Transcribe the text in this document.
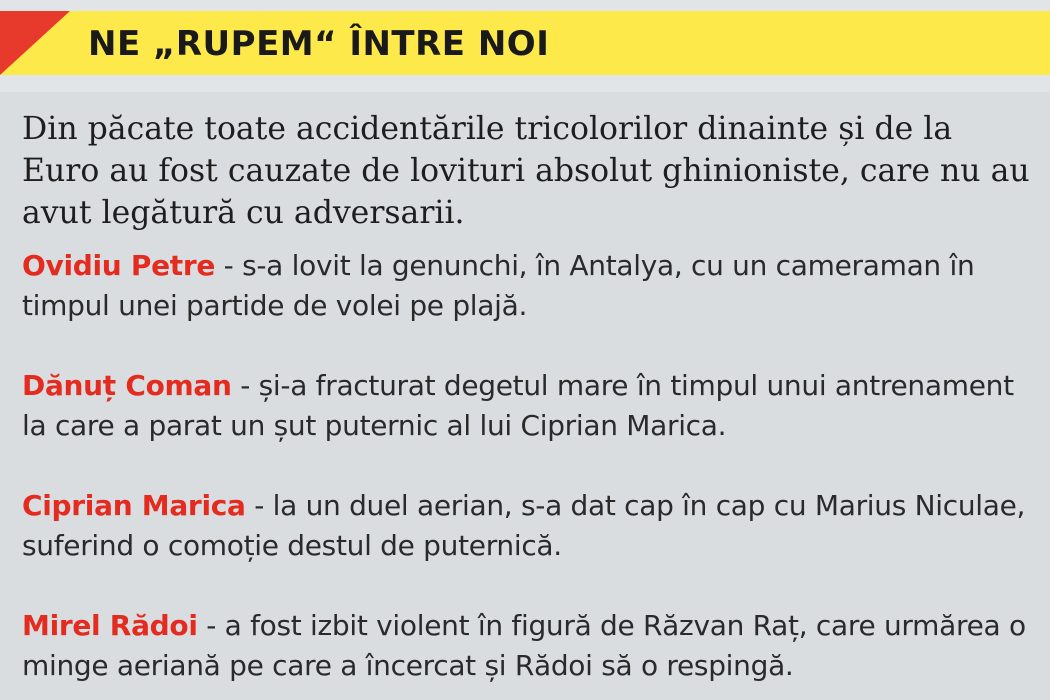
NE „RUPEM“ ÎNTRE NOI

Din păcate toate accidentările tricolorilor dinainte și de la Euro au fost cauzate de lovituri absolut ghinioniste, care nu au avut legătură cu adversarii.

Ovidiu Petre - s-a lovit la genunchi, în Antalya, cu un cameraman în timpul unei partide de volei pe plajă.
Dănuț Coman - și-a fracturat degetul mare în timpul unui antrenament la care a parat un șut puternic al lui Ciprian Marica.
Ciprian Marica - la un duel aerian, s-a dat cap în cap cu Marius Niculae, suferind o comoție destul de puternică.
Mirel Rădoi - a fost izbit violent în figură de Răzvan Raț, care urmărea o minge aeriană pe care a încercat și Rădoi să o respingă.
